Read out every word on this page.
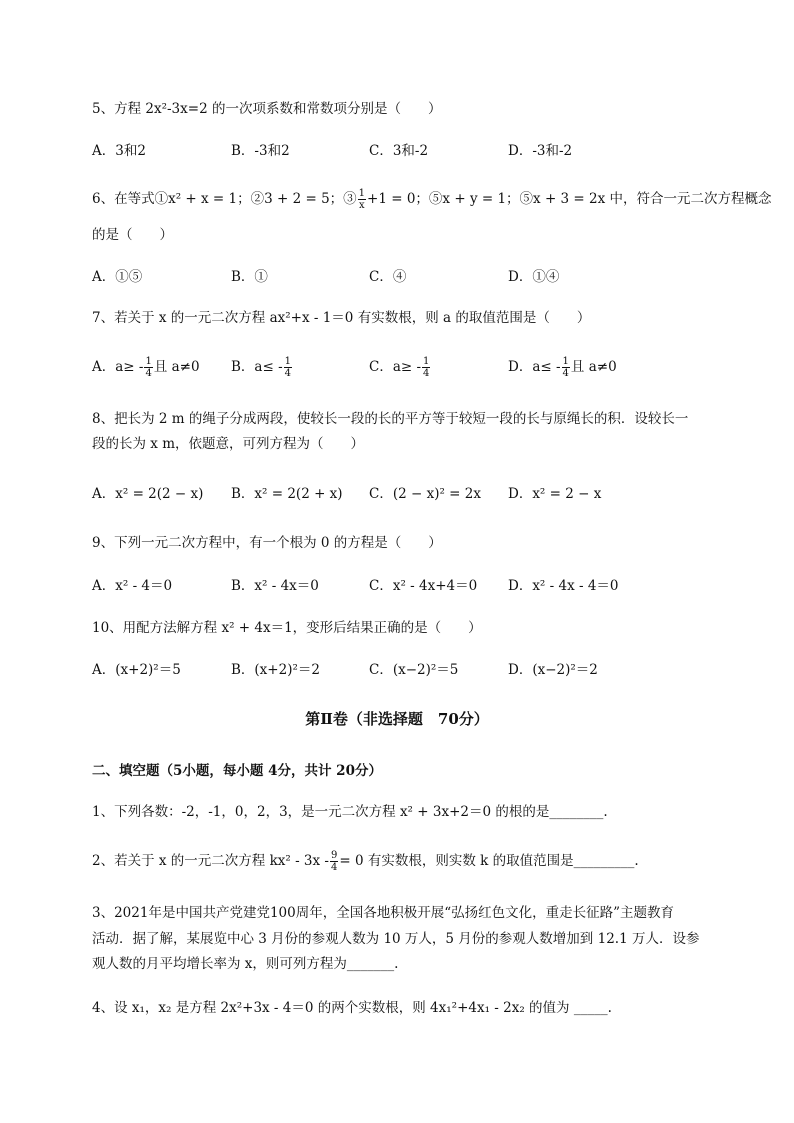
5、方程 2x²-3x=2 的一次项系数和常数项分别是（　　）
A．3和2	B．-3和2	C．3和-2	D．-3和-2
6、在等式①x² + x = 1；②3 + 2 = 5；③ $\frac{1}{x} +1 = 0$；⑤x + y = 1；⑤x + 3 = 2x 中，符合一元二次方程概念
的是（　　）
A．①⑤	B．①	C．④	D．①④
7、若关于 x 的一元二次方程 ax²+x - 1＝0 有实数根，则 a 的取值范围是（　　）
A．$a\ge - \frac{1}{4}$ 且 a≠0 B．$a\le - \frac{1}{4}$	C．$a\ge - \frac{1}{4}$	D．$a\le - \frac{1}{4}$ 且 a≠0
8、把长为 2 m 的绳子分成两段，使较长一段的长的平方等于较短一段的长与原绳长的积．设较长一
段的长为 x m，依题意，可列方程为（　　）
A．x² = 2(2 − x) B．x² = 2(2 + x) C．(2 − x)² = 2x D．x² = 2 − x
9、下列一元二次方程中，有一个根为 0 的方程是（　　）
A．x² - 4＝0	B．x² - 4x＝0	C．x² - 4x+4＝0 D．x² - 4x - 4＝0
10、用配方法解方程 x² + 4x＝1，变形后结果正确的是（　　）
A．(x+2)²＝5	B．(x+2)²＝2	C．(x−2)²＝5	D．(x−2)²＝2
第Ⅱ卷（非选择题　70分）
二、填空题（5小题，每小题 4分，共计 20分）
1、下列各数：-2，-1，0，2，3，是一元二次方程 x² + 3x+2＝0 的根的是________.
2、若关于 x 的一元二次方程 $kx^2 - 3x - \frac{9}{4} = 0$ 有实数根，则实数 k 的取值范围是_________.
3、2021年是中国共产党建党100周年，全国各地积极开展“弘扬红色文化，重走长征路”主题教育
活动．据了解，某展览中心 3 月份的参观人数为 10 万人，5 月份的参观人数增加到 12.1 万人．设参
观人数的月平均增长率为 x，则可列方程为_______.
4、设 x₁，x₂ 是方程 2x²+3x - 4＝0 的两个实数根，则 4x₁²+4x₁ - 2x₂ 的值为 _____.
